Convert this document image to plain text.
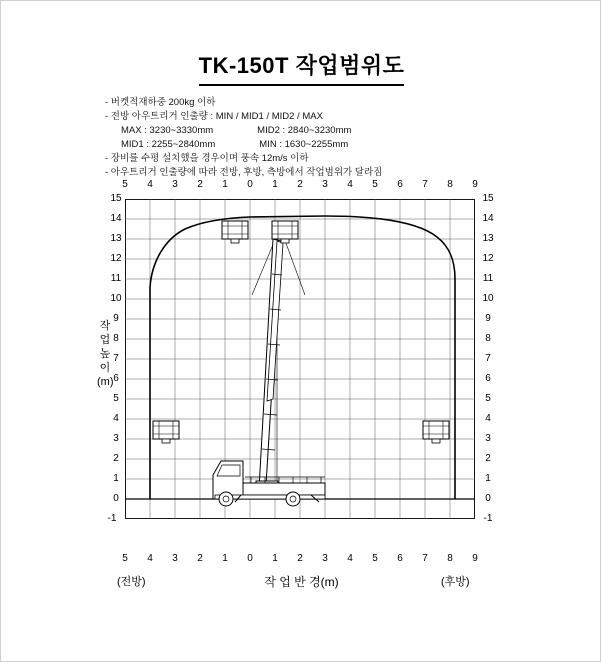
TK-150T 작업범위도
- 버켓적재하중 200kg 이하
- 전방 아우트리거 인출량 : MIN / MID1 / MID2 / MAX
MAX : 3230~3330mm	MID2 : 2840~3230mm
MID1 : 2255~2840mm	MIN : 1630~2255mm
- 장비를 수평 설치했을 경우이며 풍속 12m/s 이하
- 아우트리거 인출량에 따라 전방, 후방, 측방에서 작업범위가 달라짐
5	4	3	2	1	0	1	2	3	4	5	6	7	8	9
5	4	3	2	1	0	1	2	3	4	5	6	7	8	9
15
14
13
12
11
10
9
8
7
6
5
4
3
2
1
0
-1
15
14
13
12
11
10
9
8
7
6
5
4
3
2
1
0
-1
작 업 높 이(m)
작 업 반 경(m)
(전방)	(후방)
